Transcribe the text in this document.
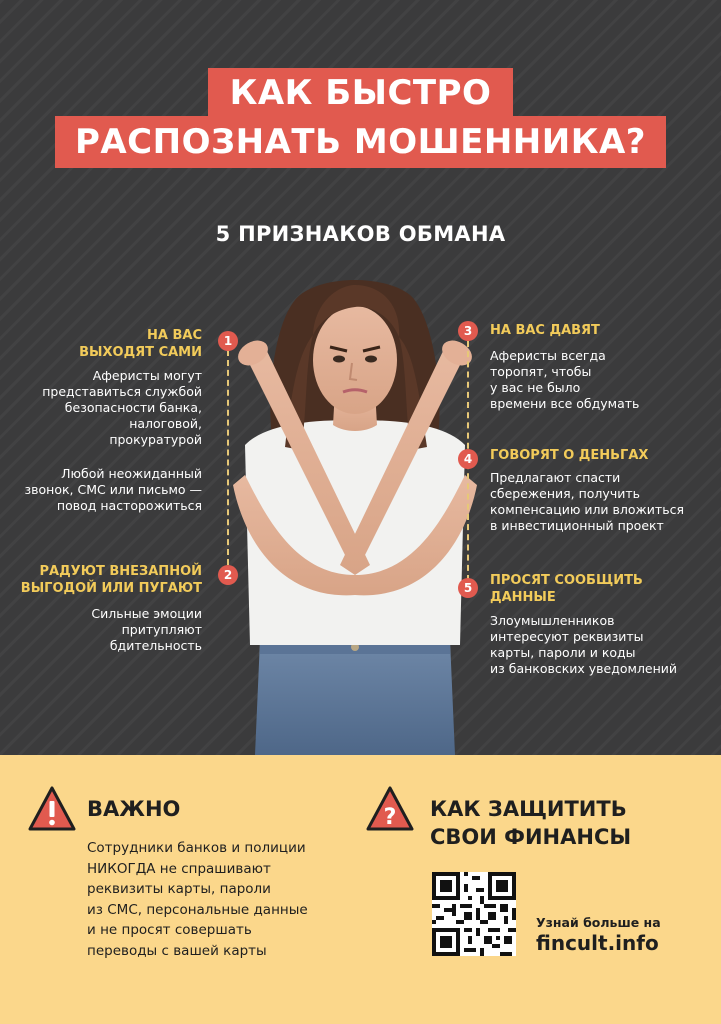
КАК БЫСТРО
РАСПОЗНАТЬ МОШЕННИКА?
5 ПРИЗНАКОВ ОБМАНА
1
2
3
4
5
НА ВАС
ВЫХОДЯТ САМИ
Аферисты могут
представиться службой
безопасности банка,
налоговой,
прокуратурой
Любой неожиданный
звонок, СМС или письмо —
повод насторожиться
РАДУЮТ ВНЕЗАПНОЙ
ВЫГОДОЙ ИЛИ ПУГАЮТ
Сильные эмоции
притупляют
бдительность
НА ВАС ДАВЯТ
Аферисты всегда
торопят, чтобы
у вас не было
времени все обдумать
ГОВОРЯТ О ДЕНЬГАХ
Предлагают спасти
сбережения, получить
компенсацию или вложиться
в инвестиционный проект
ПРОСЯТ СООБЩИТЬ
ДАННЫЕ
Злоумышленников
интересуют реквизиты
карты, пароли и коды
из банковских уведомлений
ВАЖНО
Сотрудники банков и полиции
НИКОГДА не спрашивают
реквизиты карты, пароли
из СМС, персональные данные
и не просят совершать
переводы с вашей карты
? КАК ЗАЩИТИТЬ
СВОИ ФИНАНСЫ
Узнай больше на
fincult.info
